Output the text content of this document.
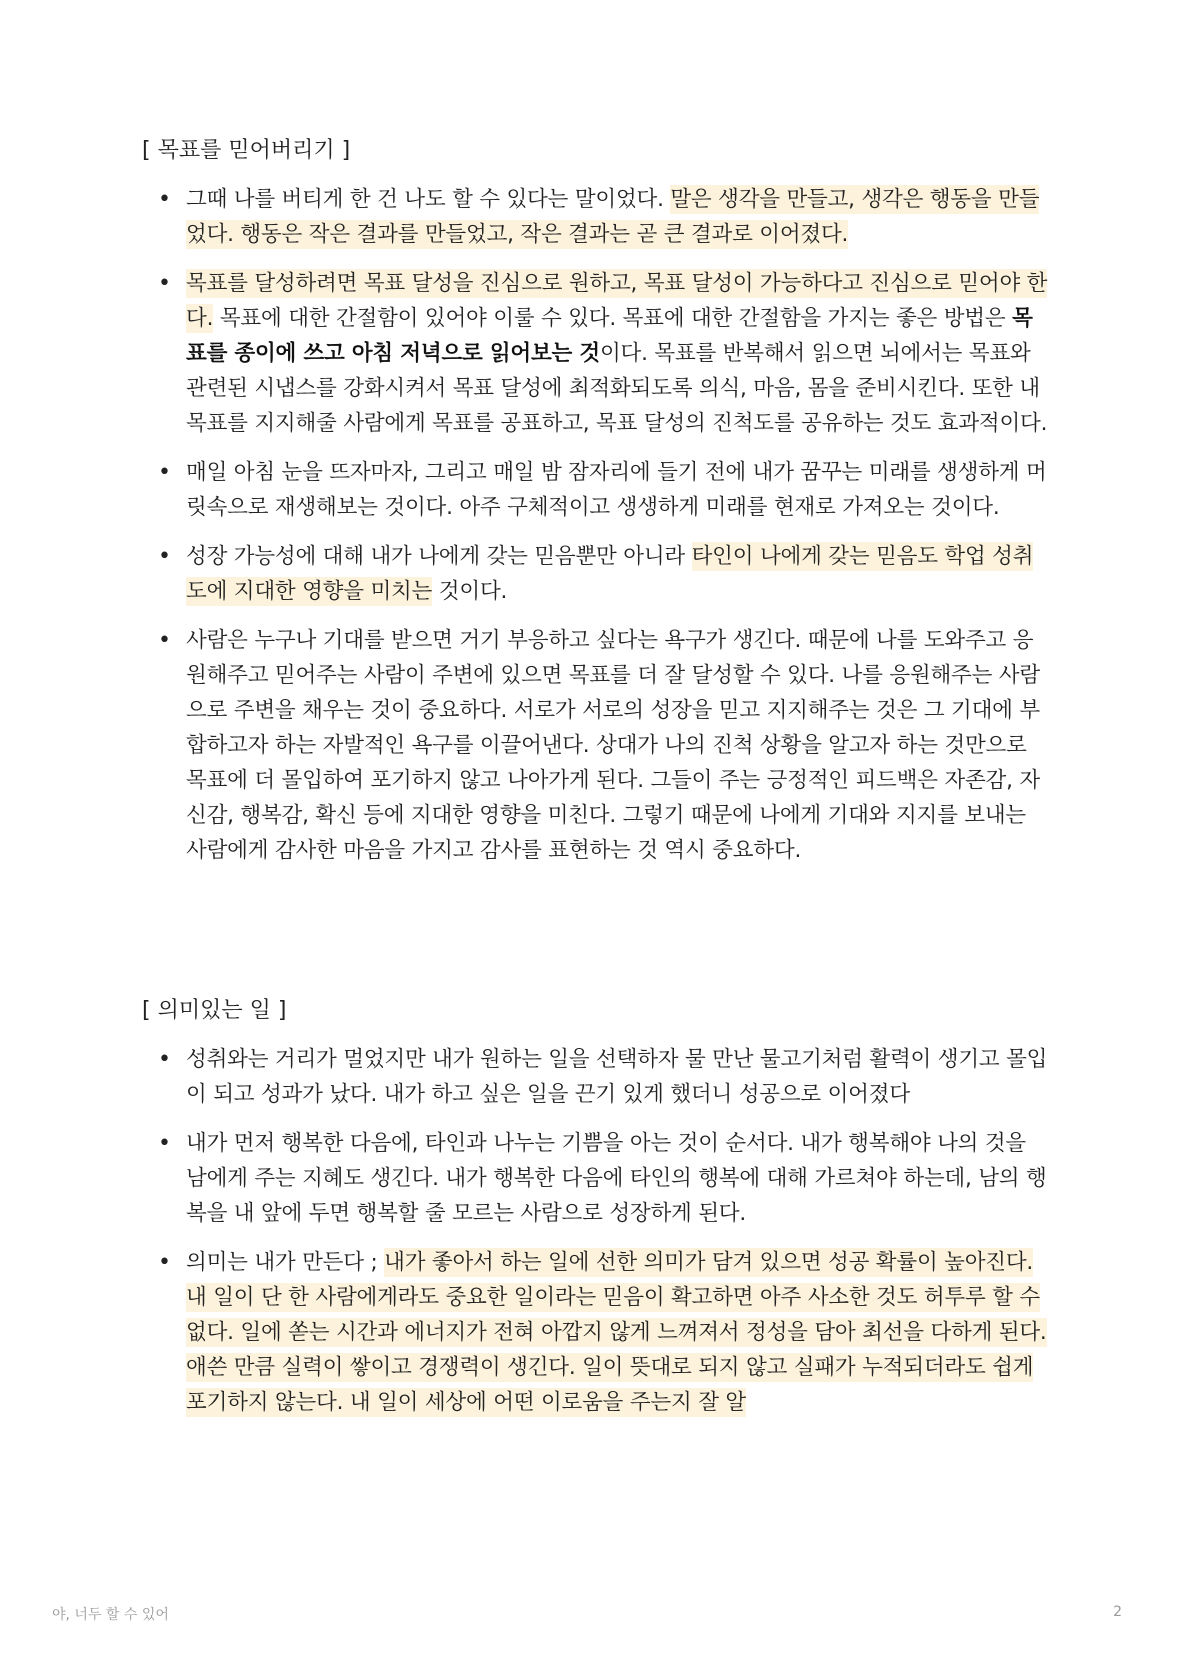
[ 목표를 믿어버리기 ]
• 그때 나를 버티게 한 건 나도 할 수 있다는 말이었다. 말은 생각을 만들고, 생각은 행동을 만들었다. 행동은 작은 결과를 만들었고, 작은 결과는 곧 큰 결과로 이어졌다.
• 목표를 달성하려면 목표 달성을 진심으로 원하고, 목표 달성이 가능하다고 진심으로 믿어야 한다. 목표에 대한 간절함이 있어야 이룰 수 있다. 목표에 대한 간절함을 가지는 좋은 방법은 목표를 종이에 쓰고 아침 저녁으로 읽어보는 것이다. 목표를 반복해서 읽으면 뇌에서는 목표와 관련된 시냅스를 강화시켜서 목표 달성에 최적화되도록 의식, 마음, 몸을 준비시킨다. 또한 내 목표를 지지해줄 사람에게 목표를 공표하고, 목표 달성의 진척도를 공유하는 것도 효과적이다.
• 매일 아침 눈을 뜨자마자, 그리고 매일 밤 잠자리에 들기 전에 내가 꿈꾸는 미래를 생생하게 머릿속으로 재생해보는 것이다. 아주 구체적이고 생생하게 미래를 현재로 가져오는 것이다.
• 성장 가능성에 대해 내가 나에게 갖는 믿음뿐만 아니라 타인이 나에게 갖는 믿음도 학업 성취도에 지대한 영향을 미치는 것이다.
• 사람은 누구나 기대를 받으면 거기 부응하고 싶다는 욕구가 생긴다. 때문에 나를 도와주고 응원해주고 믿어주는 사람이 주변에 있으면 목표를 더 잘 달성할 수 있다. 나를 응원해주는 사람으로 주변을 채우는 것이 중요하다. 서로가 서로의 성장을 믿고 지지해주는 것은 그 기대에 부합하고자 하는 자발적인 욕구를 이끌어낸다. 상대가 나의 진척 상황을 알고자 하는 것만으로 목표에 더 몰입하여 포기하지 않고 나아가게 된다. 그들이 주는 긍정적인 피드백은 자존감, 자신감, 행복감, 확신 등에 지대한 영향을 미친다. 그렇기 때문에 나에게 기대와 지지를 보내는 사람에게 감사한 마음을 가지고 감사를 표현하는 것 역시 중요하다.
[ 의미있는 일 ]
• 성취와는 거리가 멀었지만 내가 원하는 일을 선택하자 물 만난 물고기처럼 활력이 생기고 몰입이 되고 성과가 났다. 내가 하고 싶은 일을 끈기 있게 했더니 성공으로 이어졌다
• 내가 먼저 행복한 다음에, 타인과 나누는 기쁨을 아는 것이 순서다. 내가 행복해야 나의 것을 남에게 주는 지혜도 생긴다. 내가 행복한 다음에 타인의 행복에 대해 가르쳐야 하는데, 남의 행복을 내 앞에 두면 행복할 줄 모르는 사람으로 성장하게 된다.
• 의미는 내가 만든다 ; 내가 좋아서 하는 일에 선한 의미가 담겨 있으면 성공 확률이 높아진다. 내 일이 단 한 사람에게라도 중요한 일이라는 믿음이 확고하면 아주 사소한 것도 허투루 할 수 없다. 일에 쏟는 시간과 에너지가 전혀 아깝지 않게 느껴져서 정성을 담아 최선을 다하게 된다. 애쓴 만큼 실력이 쌓이고 경쟁력이 생긴다. 일이 뜻대로 되지 않고 실패가 누적되더라도 쉽게 포기하지 않는다. 내 일이 세상에 어떤 이로움을 주는지 잘 알
야, 너두 할 수 있어	2
